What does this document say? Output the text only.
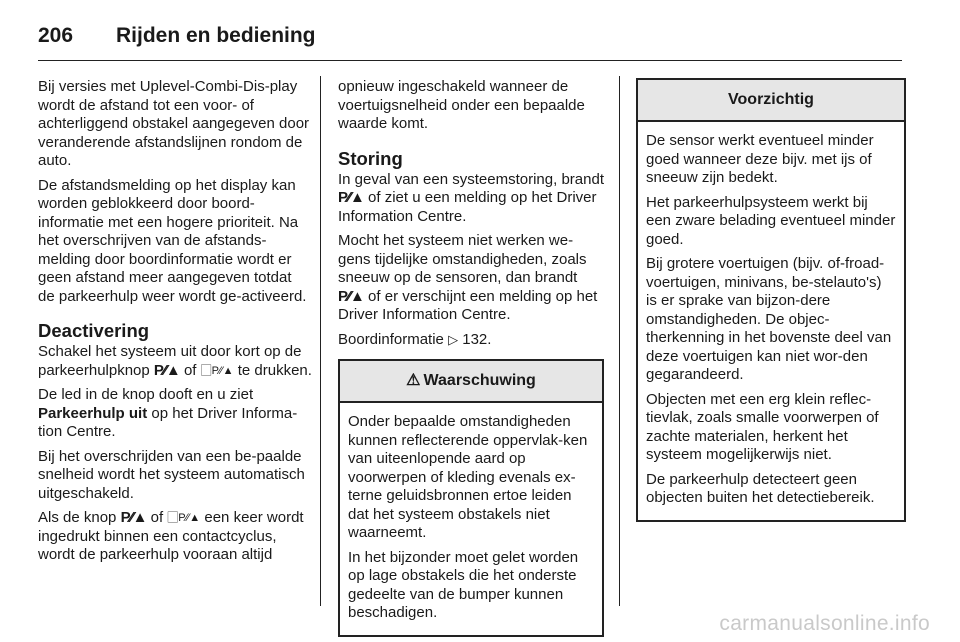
206	Rijden en bediening

Bij versies met Uplevel-Combi-Dis-play wordt de afstand tot een voor- of achterliggend obstakel aangegeven door veranderende afstandslijnen rondom de auto.

De afstandsmelding op het display kan worden geblokkeerd door boord-informatie met een hogere prioriteit. Na het overschrijven van de afstands-melding door boordinformatie wordt er geen afstand meer aangegeven totdat de parkeerhulp weer wordt ge-activeerd.

Deactivering

Schakel het systeem uit door kort op de parkeerhulpknop P⁄⁄▲ of ⃞P⁄⁄▲ te drukken.

De led in de knop dooft en u ziet Parkeerhulp uit op het Driver Informa-tion Centre.

Bij het overschrijden van een be-paalde snelheid wordt het systeem automatisch uitgeschakeld.

Als de knop P⁄⁄▲ of ⃞P⁄⁄▲ een keer wordt ingedrukt binnen een contactcyclus, wordt de parkeerhulp vooraan altijd

opnieuw ingeschakeld wanneer de voertuigsnelheid onder een bepaalde waarde komt.

Storing

In geval van een systeemstoring, brandt P⁄⁄▲ of ziet u een melding op het Driver Information Centre.

Mocht het systeem niet werken we-gens tijdelijke omstandigheden, zoals sneeuw op de sensoren, dan brandt P⁄⁄▲ of er verschijnt een melding op het Driver Information Centre.

Boordinformatie ▷ 132.

⚠ Waarschuwing

Onder bepaalde omstandigheden kunnen reflecterende oppervlak-ken van uiteenlopende aard op voorwerpen of kleding evenals ex-terne geluidsbronnen ertoe leiden dat het systeem obstakels niet waarneemt.

In het bijzonder moet gelet worden op lage obstakels die het onderste gedeelte van de bumper kunnen beschadigen.

Voorzichtig

De sensor werkt eventueel minder goed wanneer deze bijv. met ijs of sneeuw zijn bedekt.

Het parkeerhulpsysteem werkt bij een zware belading eventueel minder goed.

Bij grotere voertuigen (bijv. of-froad-voertuigen, minivans, be-stelauto's) is er sprake van bijzon-dere omstandigheden. De objec-therkenning in het bovenste deel van deze voertuigen kan niet wor-den gegarandeerd.

Objecten met een erg klein reflec-tievlak, zoals smalle voorwerpen of zachte materialen, herkent het systeem mogelijkerwijs niet.

De parkeerhulp detecteert geen objecten buiten het detectiebereik.

carmanualsonline.info
